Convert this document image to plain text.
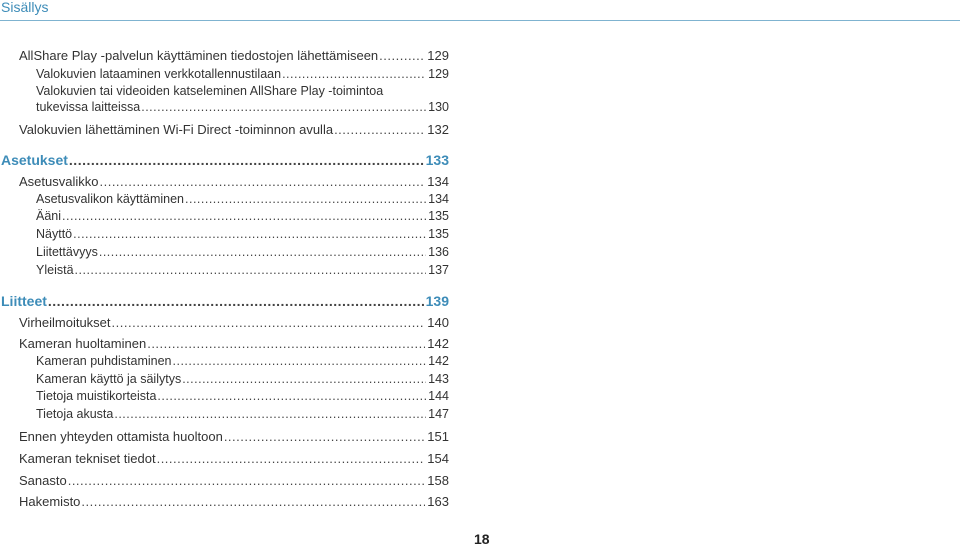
Sisällys
AllShare Play -palvelun käyttäminen tiedostojen lähettämiseen .....	129
Valokuvien lataaminen verkkotallennustilaan .....	129
Valokuvien tai videoiden katseleminen AllShare Play -toimintoa
tukevissa laitteissa .....	130
Valokuvien lähettäminen Wi-Fi Direct -toiminnon avulla .....	132
Asetukset .....	133
Asetusvalikko .....	134
Asetusvalikon käyttäminen .....	134
Ääni .....	135
Näyttö .....	135
Liitettävyys .....	136
Yleistä .....	137
Liitteet .....	139
Virheilmoitukset .....	140
Kameran huoltaminen .....	142
Kameran puhdistaminen .....	142
Kameran käyttö ja säilytys .....	143
Tietoja muistikorteista .....	144
Tietoja akusta .....	147
Ennen yhteyden ottamista huoltoon .....	151
Kameran tekniset tiedot .....	154
Sanasto .....	158
Hakemisto .....	163
18
